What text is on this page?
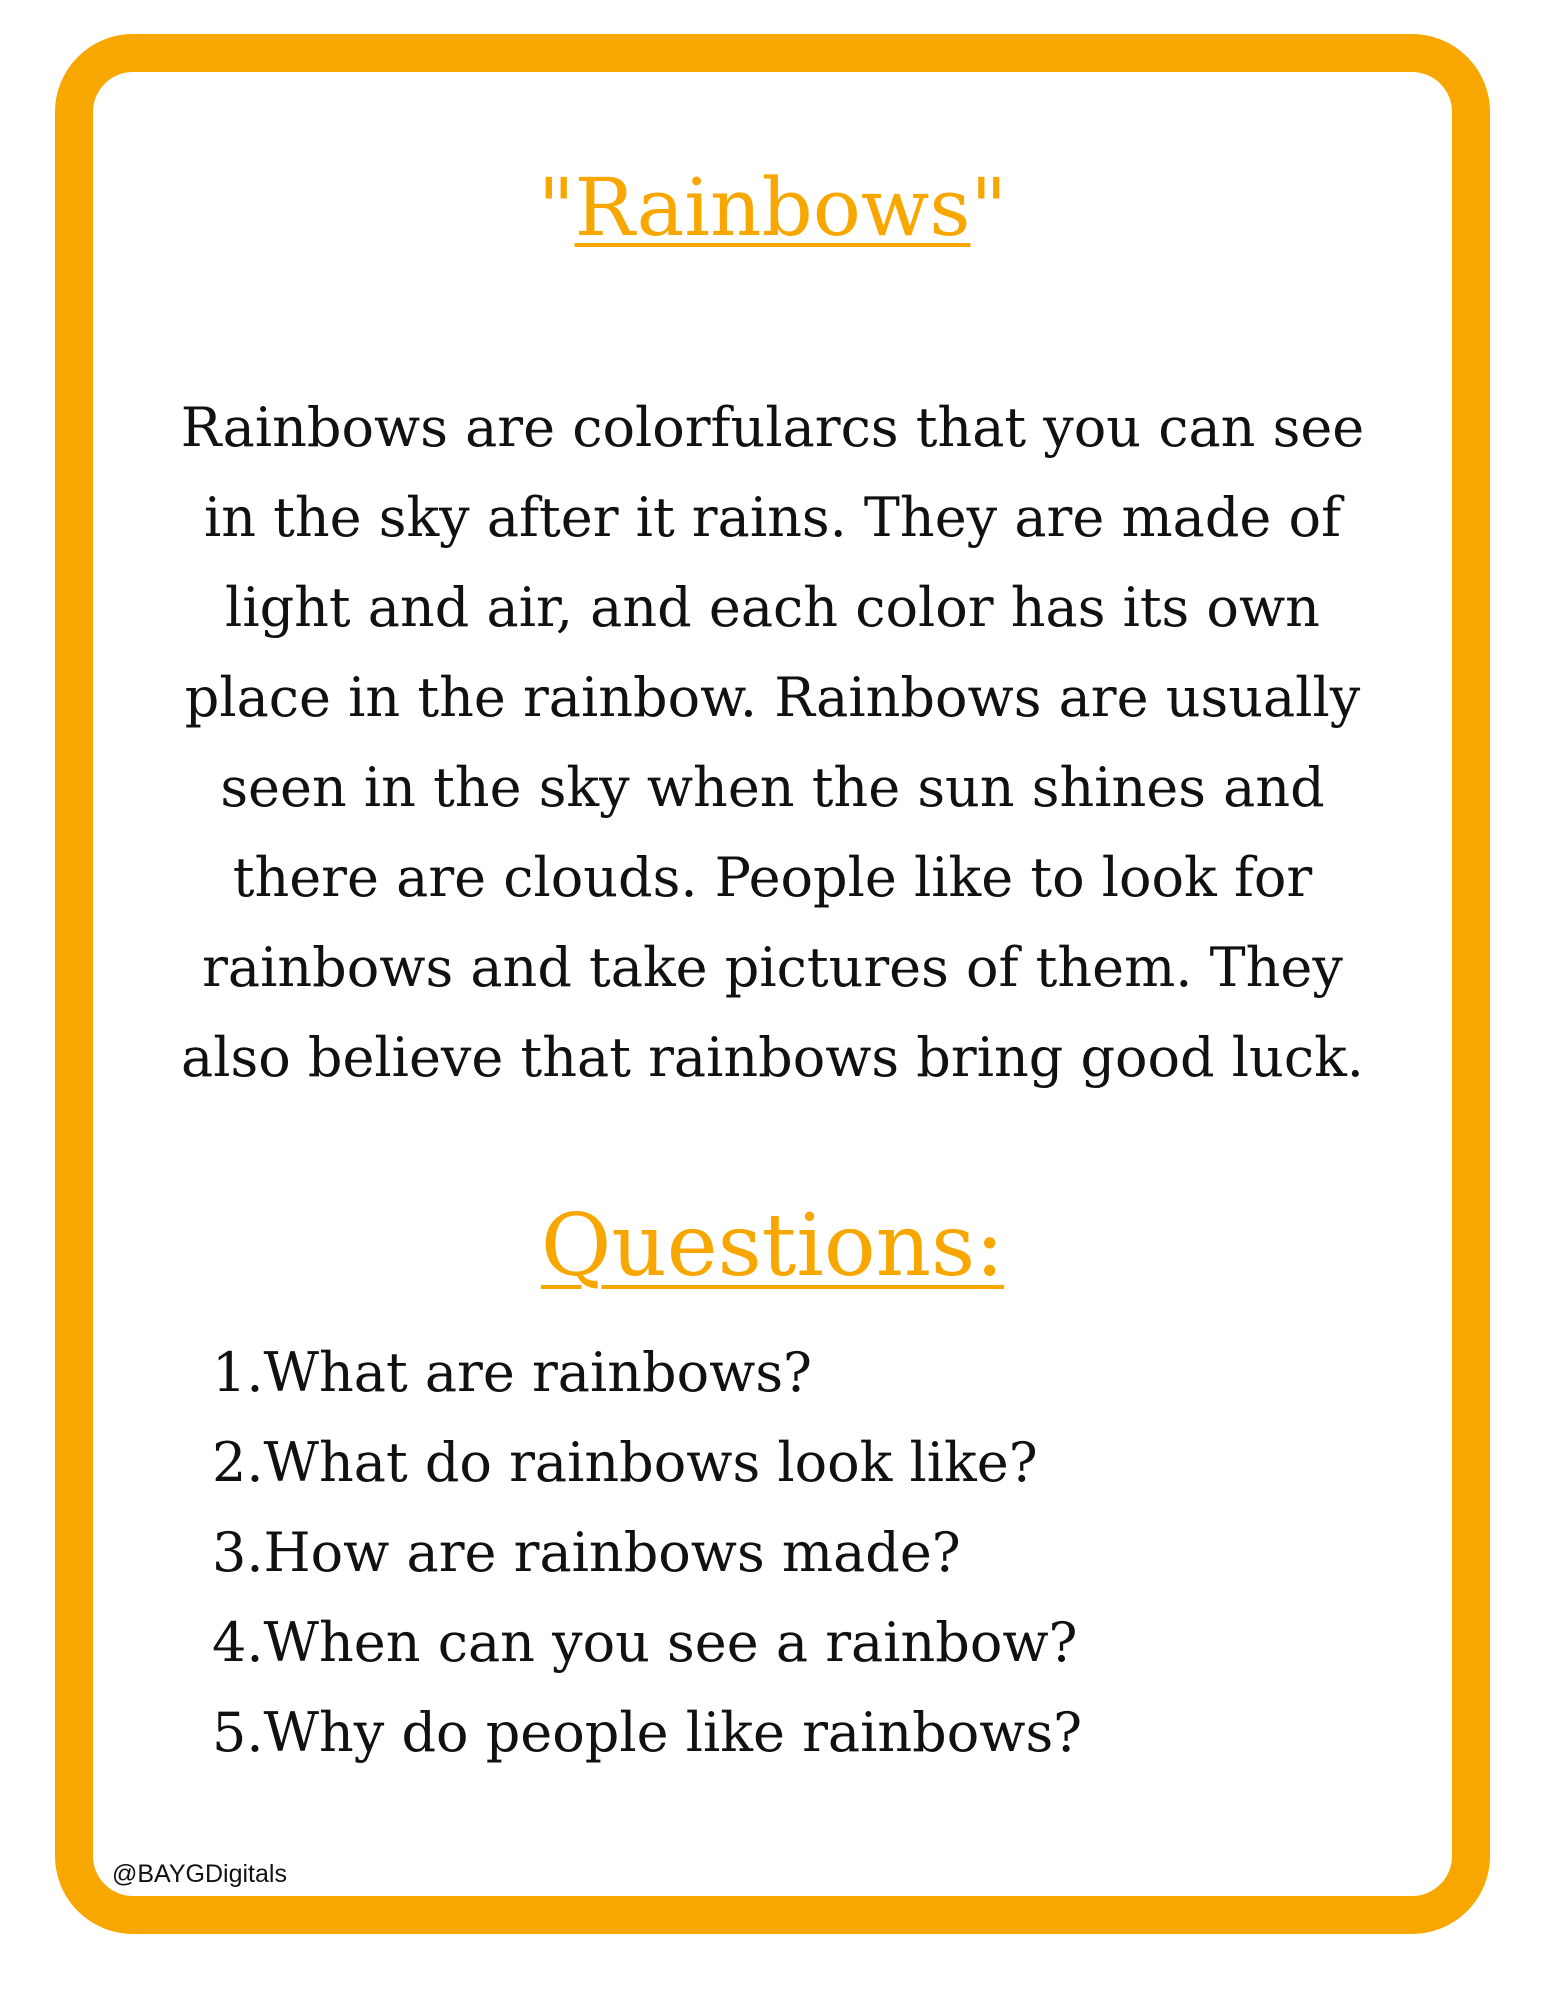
"Rainbows"

Rainbows are colorfularcs that you can see in the sky after it rains. They are made of light and air, and each color has its own place in the rainbow. Rainbows are usually seen in the sky when the sun shines and there are clouds. People like to look for rainbows and take pictures of them. They also believe that rainbows bring good luck.

Questions:
1.What are rainbows?
2.What do rainbows look like?
3.How are rainbows made?
4.When can you see a rainbow?
5.Why do people like rainbows?
@BAYGDigitals
